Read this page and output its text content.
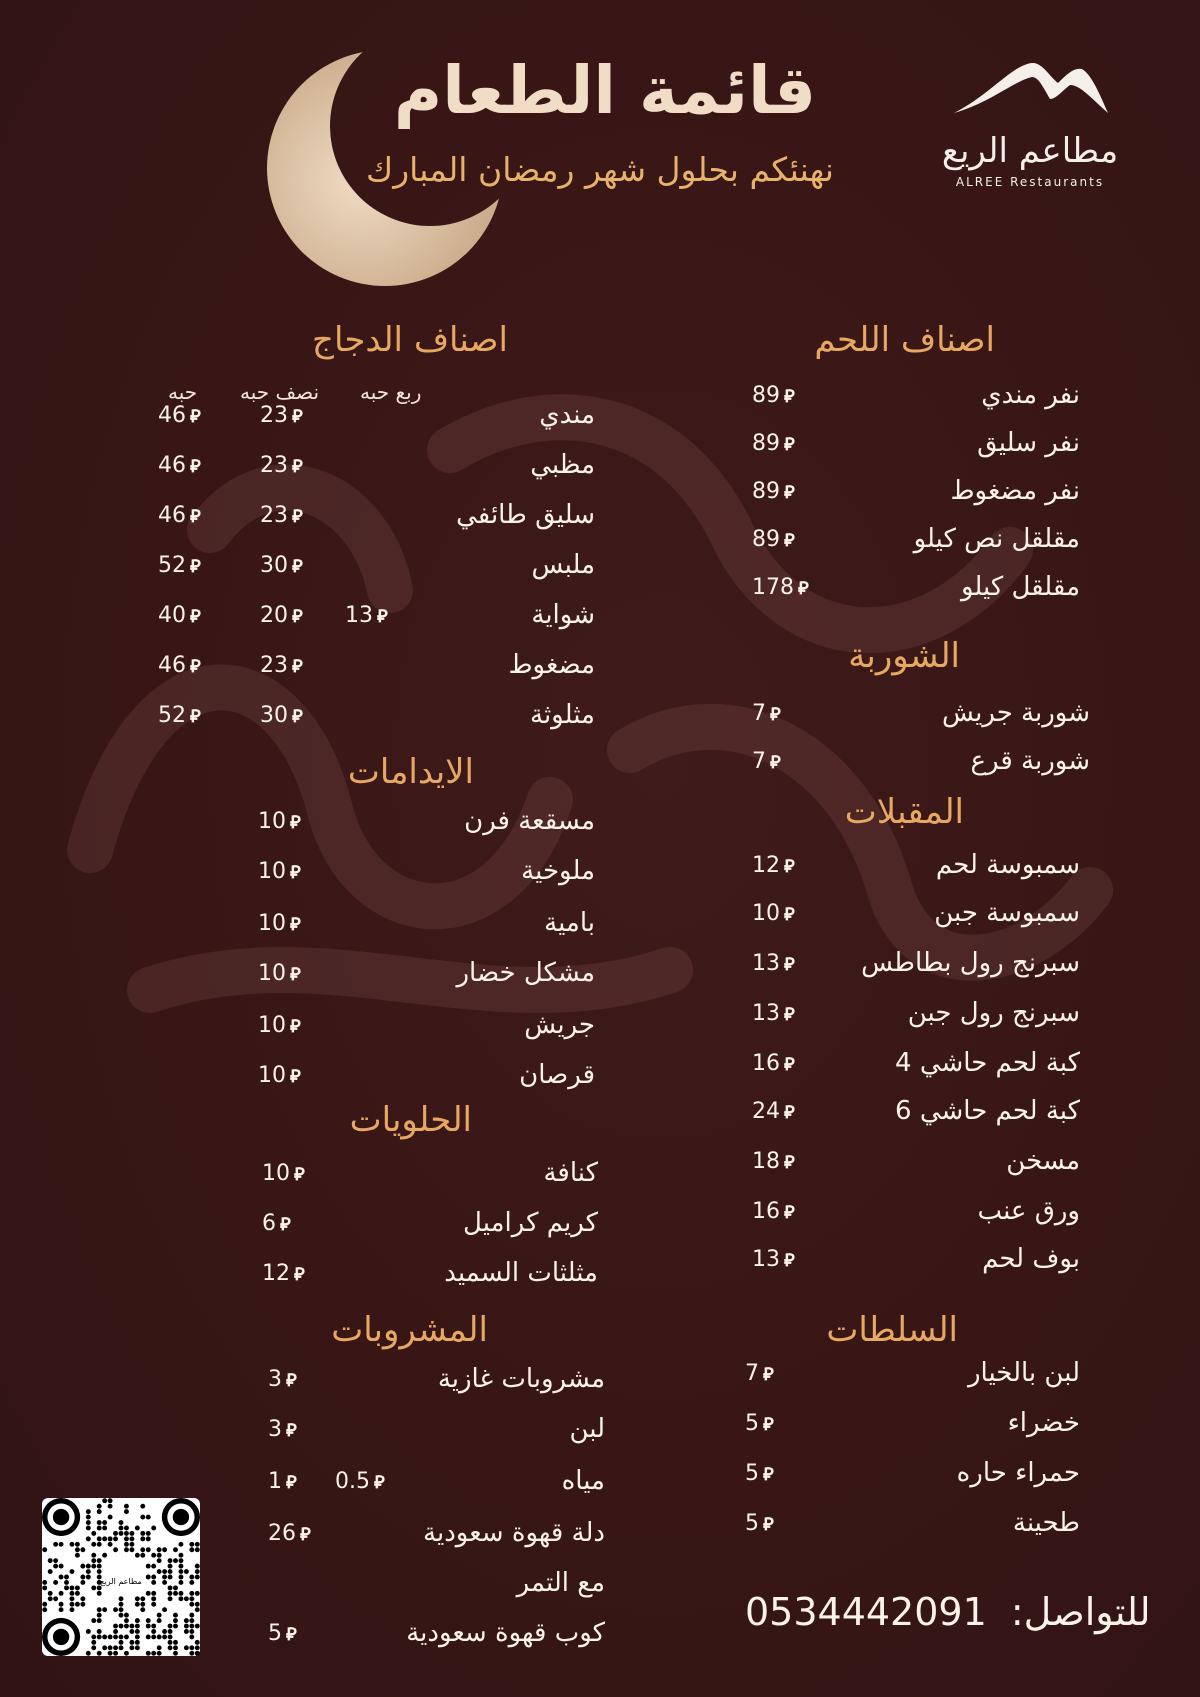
قائمة الطعام
نهنئكم بحلول شهر رمضان المبارك	مطاعم الريع
ALREE Restaurants
اصناف اللحم
الشوربة
المقبلات
السلطات
اصناف الدجاج
الايدامات
الحلويات
المشروبات
ربع حبه
نصف حبه
حبه	نفر مندي
89 ⃁
نفر سليق
89 ⃁
نفر مضغوط
89 ⃁
مقلقل نص كيلو
89 ⃁
مقلقل كيلو
178 ⃁
شوربة جريش
7 ⃁
شوربة قرع
7 ⃁
سمبوسة لحم
12 ⃁
سمبوسة جبن
10 ⃁
سبرنج رول بطاطس
13 ⃁
سبرنج رول جبن
13 ⃁
كبة لحم حاشي 4
16 ⃁
كبة لحم حاشي 6
24 ⃁
مسخن
18 ⃁
ورق عنب
16 ⃁
بوف لحم
13 ⃁
لبن بالخيار
7 ⃁
خضراء
5 ⃁
حمراء حاره
5 ⃁
طحينة
5 ⃁
مسقعة فرن
10 ⃁
ملوخية
10 ⃁
بامية
10 ⃁
مشكل خضار
10 ⃁
جريش
10 ⃁
قرصان
10 ⃁
كنافة
10 ⃁
كريم كراميل
6 ⃁
مثلثات السميد
12 ⃁
مندي
23 ⃁
46 ⃁
مظبي
23 ⃁
46 ⃁
سليق طائفي
23 ⃁
46 ⃁
ملبس
30 ⃁
52 ⃁
شواية
13 ⃁
20 ⃁
40 ⃁
مضغوط
23 ⃁
46 ⃁
مثلوثة
30 ⃁
52 ⃁
مشروبات غازية
3 ⃁
لبن
3 ⃁
مياه
1 ⃁ 0.5 ⃁
دلة قهوة سعودية
26 ⃁
مع التمر
كوب قهوة سعودية
5 ⃁
للتواصل: 0534442091
مطاعم الريع
